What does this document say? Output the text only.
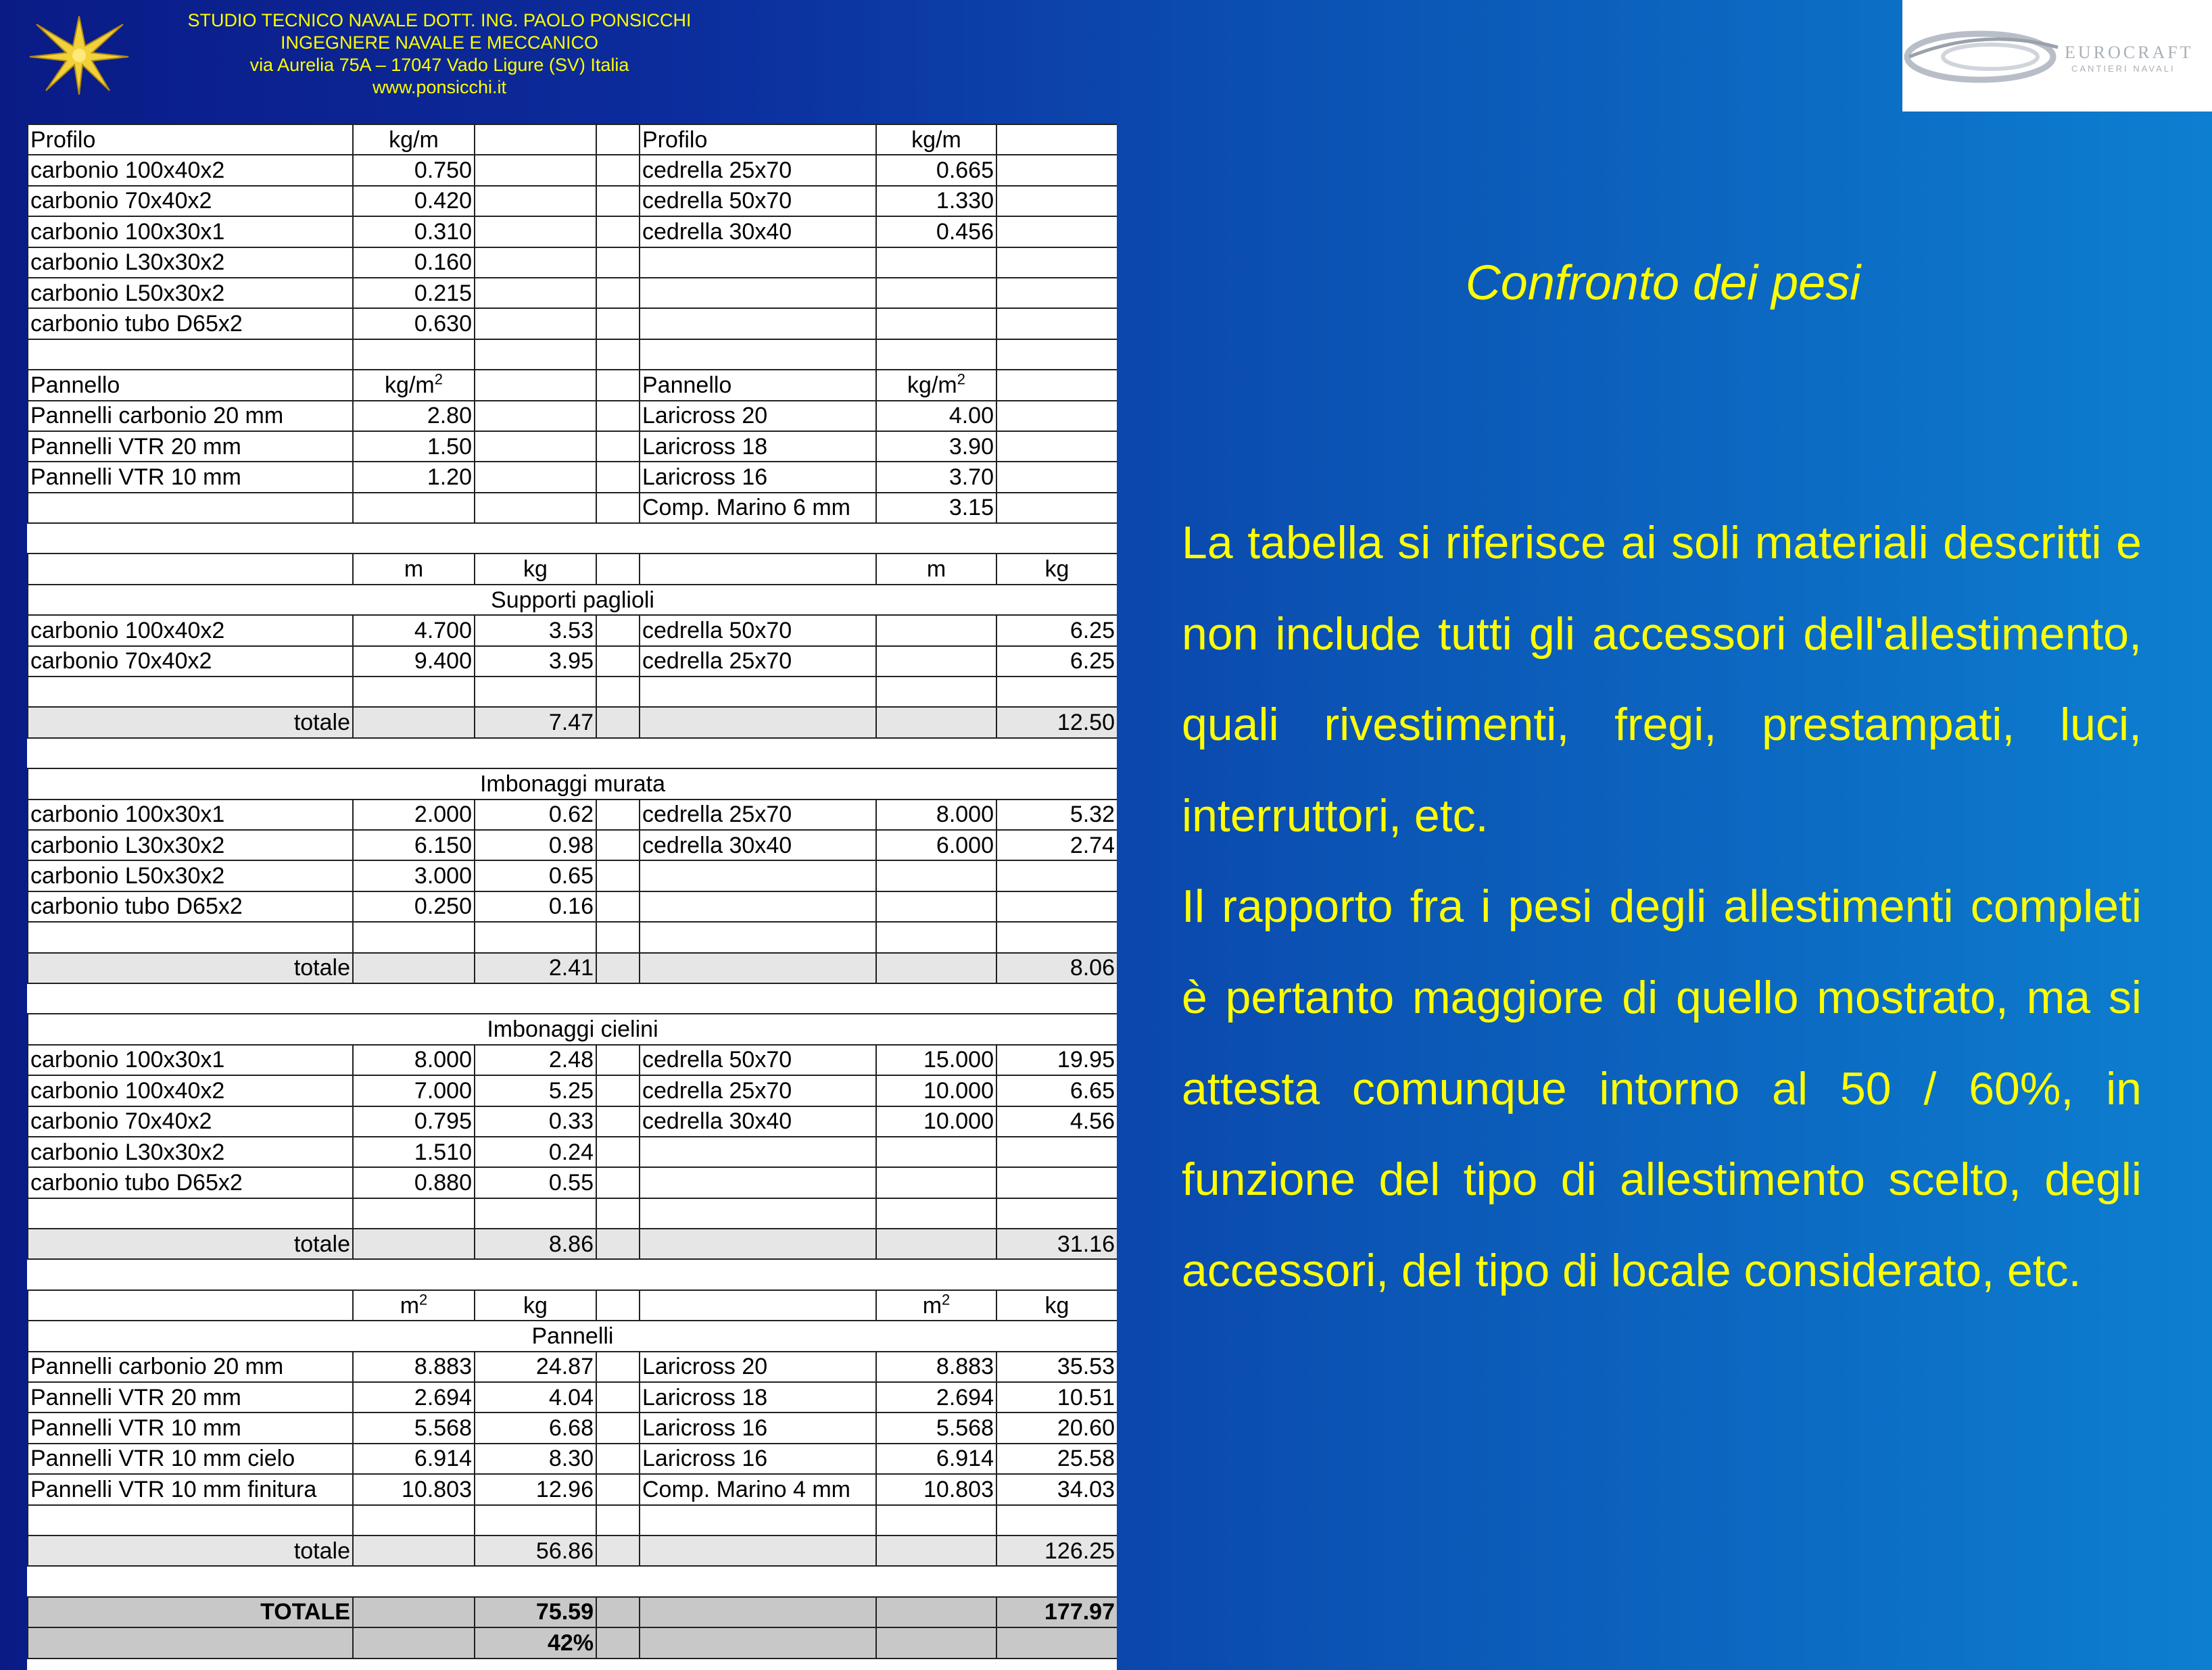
STUDIO TECNICO NAVALE DOTT. ING. PAOLO PONSICCHI
INGEGNERE NAVALE E MECCANICO
via Aurelia 75A – 17047 Vado Ligure (SV) Italia
www.ponsicchi.it
EUROCRAFT
CANTIERI NAVALI
Profilo	kg/m			Profilo	kg/m	
carbonio 100x40x2	0.750			cedrella 25x70	0.665	
carbonio 70x40x2	0.420			cedrella 50x70	1.330	
carbonio 100x30x1	0.310			cedrella 30x40	0.456	
carbonio L30x30x2	0.160					
carbonio L50x30x2	0.215					
carbonio tubo D65x2	0.630					

Pannello	$kg/m^2$			Pannello	$kg/m^2$	
Pannelli carbonio 20 mm	2.80			Laricross 20	4.00	
Pannelli VTR 20 mm	1.50			Laricross 18	3.90	
Pannelli VTR 10 mm	1.20			Laricross 16	3.70	
				Comp. Marino 6 mm	3.15	

	m	kg			m	kg
Supporti paglioli						
carbonio 100x40x2	4.700	3.53		cedrella 50x70		6.25
carbonio 70x40x2	9.400	3.95		cedrella 25x70		6.25

totale		7.47				12.50

Imbonaggi murata						
carbonio 100x30x1	2.000	0.62		cedrella 25x70	8.000	5.32
carbonio L30x30x2	6.150	0.98		cedrella 30x40	6.000	2.74
carbonio L50x30x2	3.000	0.65				
carbonio tubo D65x2	0.250	0.16				

totale		2.41				8.06

Imbonaggi cielini						
carbonio 100x30x1	8.000	2.48		cedrella 50x70	15.000	19.95
carbonio 100x40x2	7.000	5.25		cedrella 25x70	10.000	6.65
carbonio 70x40x2	0.795	0.33		cedrella 30x40	10.000	4.56
carbonio L30x30x2	1.510	0.24				
carbonio tubo D65x2	0.880	0.55				

totale		8.86				31.16

	$m^2$	kg			$m^2$	kg
Pannelli						
Pannelli carbonio 20 mm	8.883	24.87		Laricross 20	8.883	35.53
Pannelli VTR 20 mm	2.694	4.04		Laricross 18	2.694	10.51
Pannelli VTR 10 mm	5.568	6.68		Laricross 16	5.568	20.60
Pannelli VTR 10 mm cielo	6.914	8.30		Laricross 16	6.914	25.58
Pannelli VTR 10 mm finitura	10.803	12.96		Comp. Marino 4 mm	10.803	34.03

totale		56.86				126.25

TOTALE		75.59				177.97
		42%				
Confronto dei pesi

La tabella si riferisce ai soli materiali descritti e non include tutti gli accessori dell'allestimento, quali rivestimenti, fregi, prestampati, luci, interruttori, etc.

Il rapporto fra i pesi degli allestimenti completi è pertanto maggiore di quello mostrato, ma si attesta comunque intorno al 50 / 60%, in funzione del tipo di allestimento scelto, degli accessori, del tipo di locale considerato, etc.
